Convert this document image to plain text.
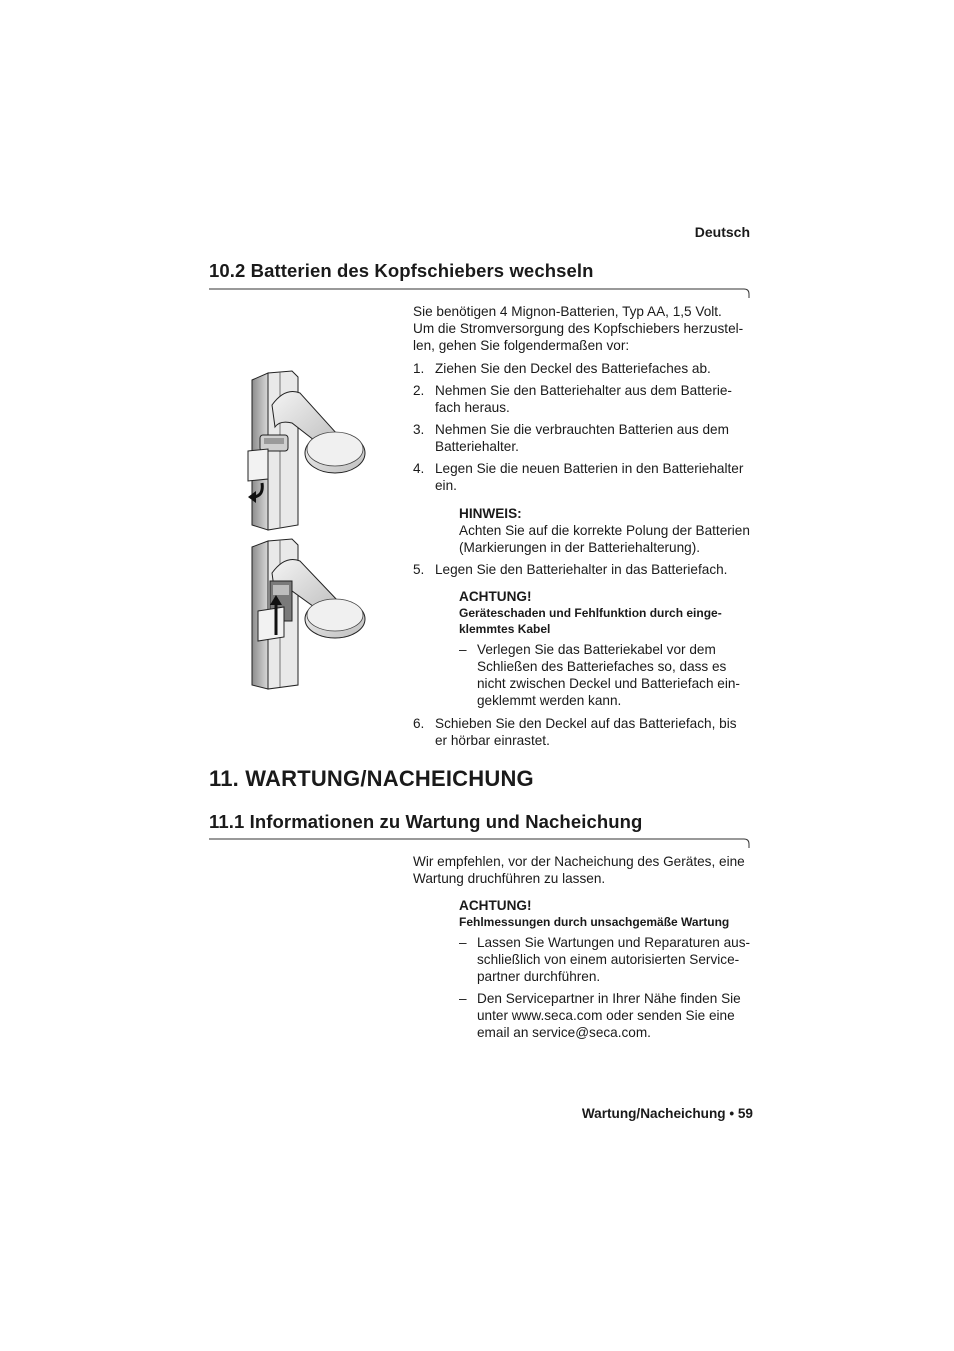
Deutsch
10.2 Batterien des Kopfschiebers wechseln

Sie benötigen 4 Mignon-Batterien, Typ AA, 1,5 Volt.
Um die Stromversorgung des Kopfschiebers herzustel-
len, gehen Sie folgendermaßen vor:

1. Ziehen Sie den Deckel des Batteriefaches ab.
2. Nehmen Sie den Batteriehalter aus dem Batterie-
fach heraus.
3. Nehmen Sie die verbrauchten Batterien aus dem
Batteriehalter.
4. Legen Sie die neuen Batterien in den Batteriehalter
ein.
HINWEIS:
Achten Sie auf die korrekte Polung der Batterien
(Markierungen in der Batteriehalterung).
5. Legen Sie den Batteriehalter in das Batteriefach.
ACHTUNG!
Geräteschaden und Fehlfunktion durch einge-
klemmtes Kabel
– Verlegen Sie das Batteriekabel vor dem
Schließen des Batteriefaches so, dass es
nicht zwischen Deckel und Batteriefach ein-
geklemmt werden kann.
6. Schieben Sie den Deckel auf das Batteriefach, bis
er hörbar einrastet.
11. WARTUNG/NACHEICHUNG
11.1 Informationen zu Wartung und Nacheichung

Wir empfehlen, vor der Nacheichung des Gerätes, eine
Wartung druchführen zu lassen.

ACHTUNG!
Fehlmessungen durch unsachgemäße Wartung
– Lassen Sie Wartungen und Reparaturen aus-
schließlich von einem autorisierten Service-
partner durchführen.
– Den Servicepartner in Ihrer Nähe finden Sie
unter www.seca.com oder senden Sie eine
email an service@seca.com.
Wartung/Nacheichung • 59
